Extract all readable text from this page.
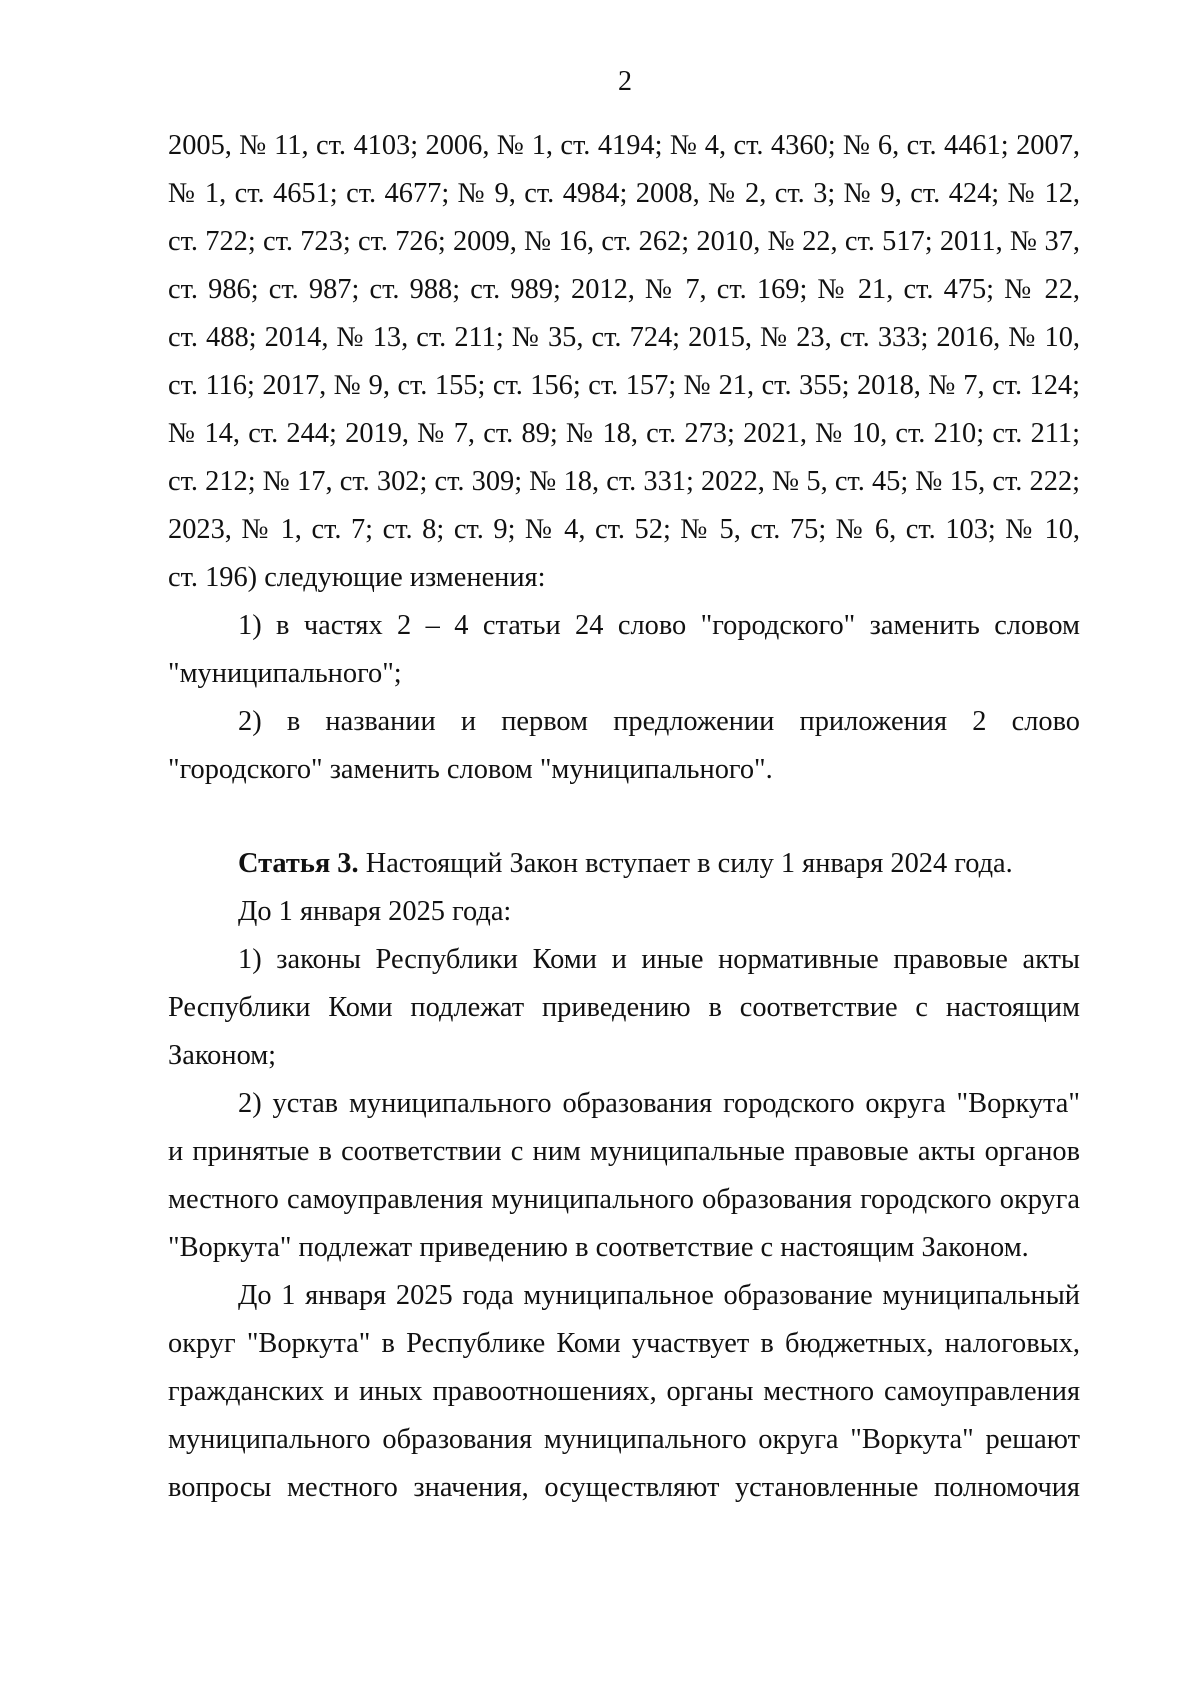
2
2005, № 11, ст. 4103; 2006, № 1, ст. 4194; № 4, ст. 4360; № 6, ст. 4461; 2007,
№ 1, ст. 4651; ст. 4677; № 9, ст. 4984; 2008, № 2, ст. 3; № 9, ст. 424; № 12,
ст. 722; ст. 723; ст. 726; 2009, № 16, ст. 262; 2010, № 22, ст. 517; 2011, № 37,
ст. 986; ст. 987; ст. 988; ст. 989; 2012, № 7, ст. 169; № 21, ст. 475; № 22,
ст. 488; 2014, № 13, ст. 211; № 35, ст. 724; 2015, № 23, ст. 333; 2016, № 10,
ст. 116; 2017, № 9, ст. 155; ст. 156; ст. 157; № 21, ст. 355; 2018, № 7, ст. 124;
№ 14, ст. 244; 2019, № 7, ст. 89; № 18, ст. 273; 2021, № 10, ст. 210; ст. 211;
ст. 212; № 17, ст. 302; ст. 309; № 18, ст. 331; 2022, № 5, ст. 45; № 15, ст. 222;
2023, № 1, ст. 7; ст. 8; ст. 9; № 4, ст. 52; № 5, ст. 75; № 6, ст. 103; № 10,
ст. 196) следующие изменения:
1) в частях 2 – 4 статьи 24 слово "городского" заменить словом
"муниципального";
2) в названии и первом предложении приложения 2 слово
"городского" заменить словом "муниципального".
Статья 3. Настоящий Закон вступает в силу 1 января 2024 года.
До 1 января 2025 года:
1) законы Республики Коми и иные нормативные правовые акты
Республики Коми подлежат приведению в соответствие с настоящим
Законом;
2) устав муниципального образования городского округа "Воркута"
и принятые в соответствии с ним муниципальные правовые акты органов
местного самоуправления муниципального образования городского округа
"Воркута" подлежат приведению в соответствие с настоящим Законом.
До 1 января 2025 года муниципальное образование муниципальный
округ "Воркута" в Республике Коми участвует в бюджетных, налоговых,
гражданских и иных правоотношениях, органы местного самоуправления
муниципального образования муниципального округа "Воркута" решают
вопросы местного значения, осуществляют установленные полномочия
